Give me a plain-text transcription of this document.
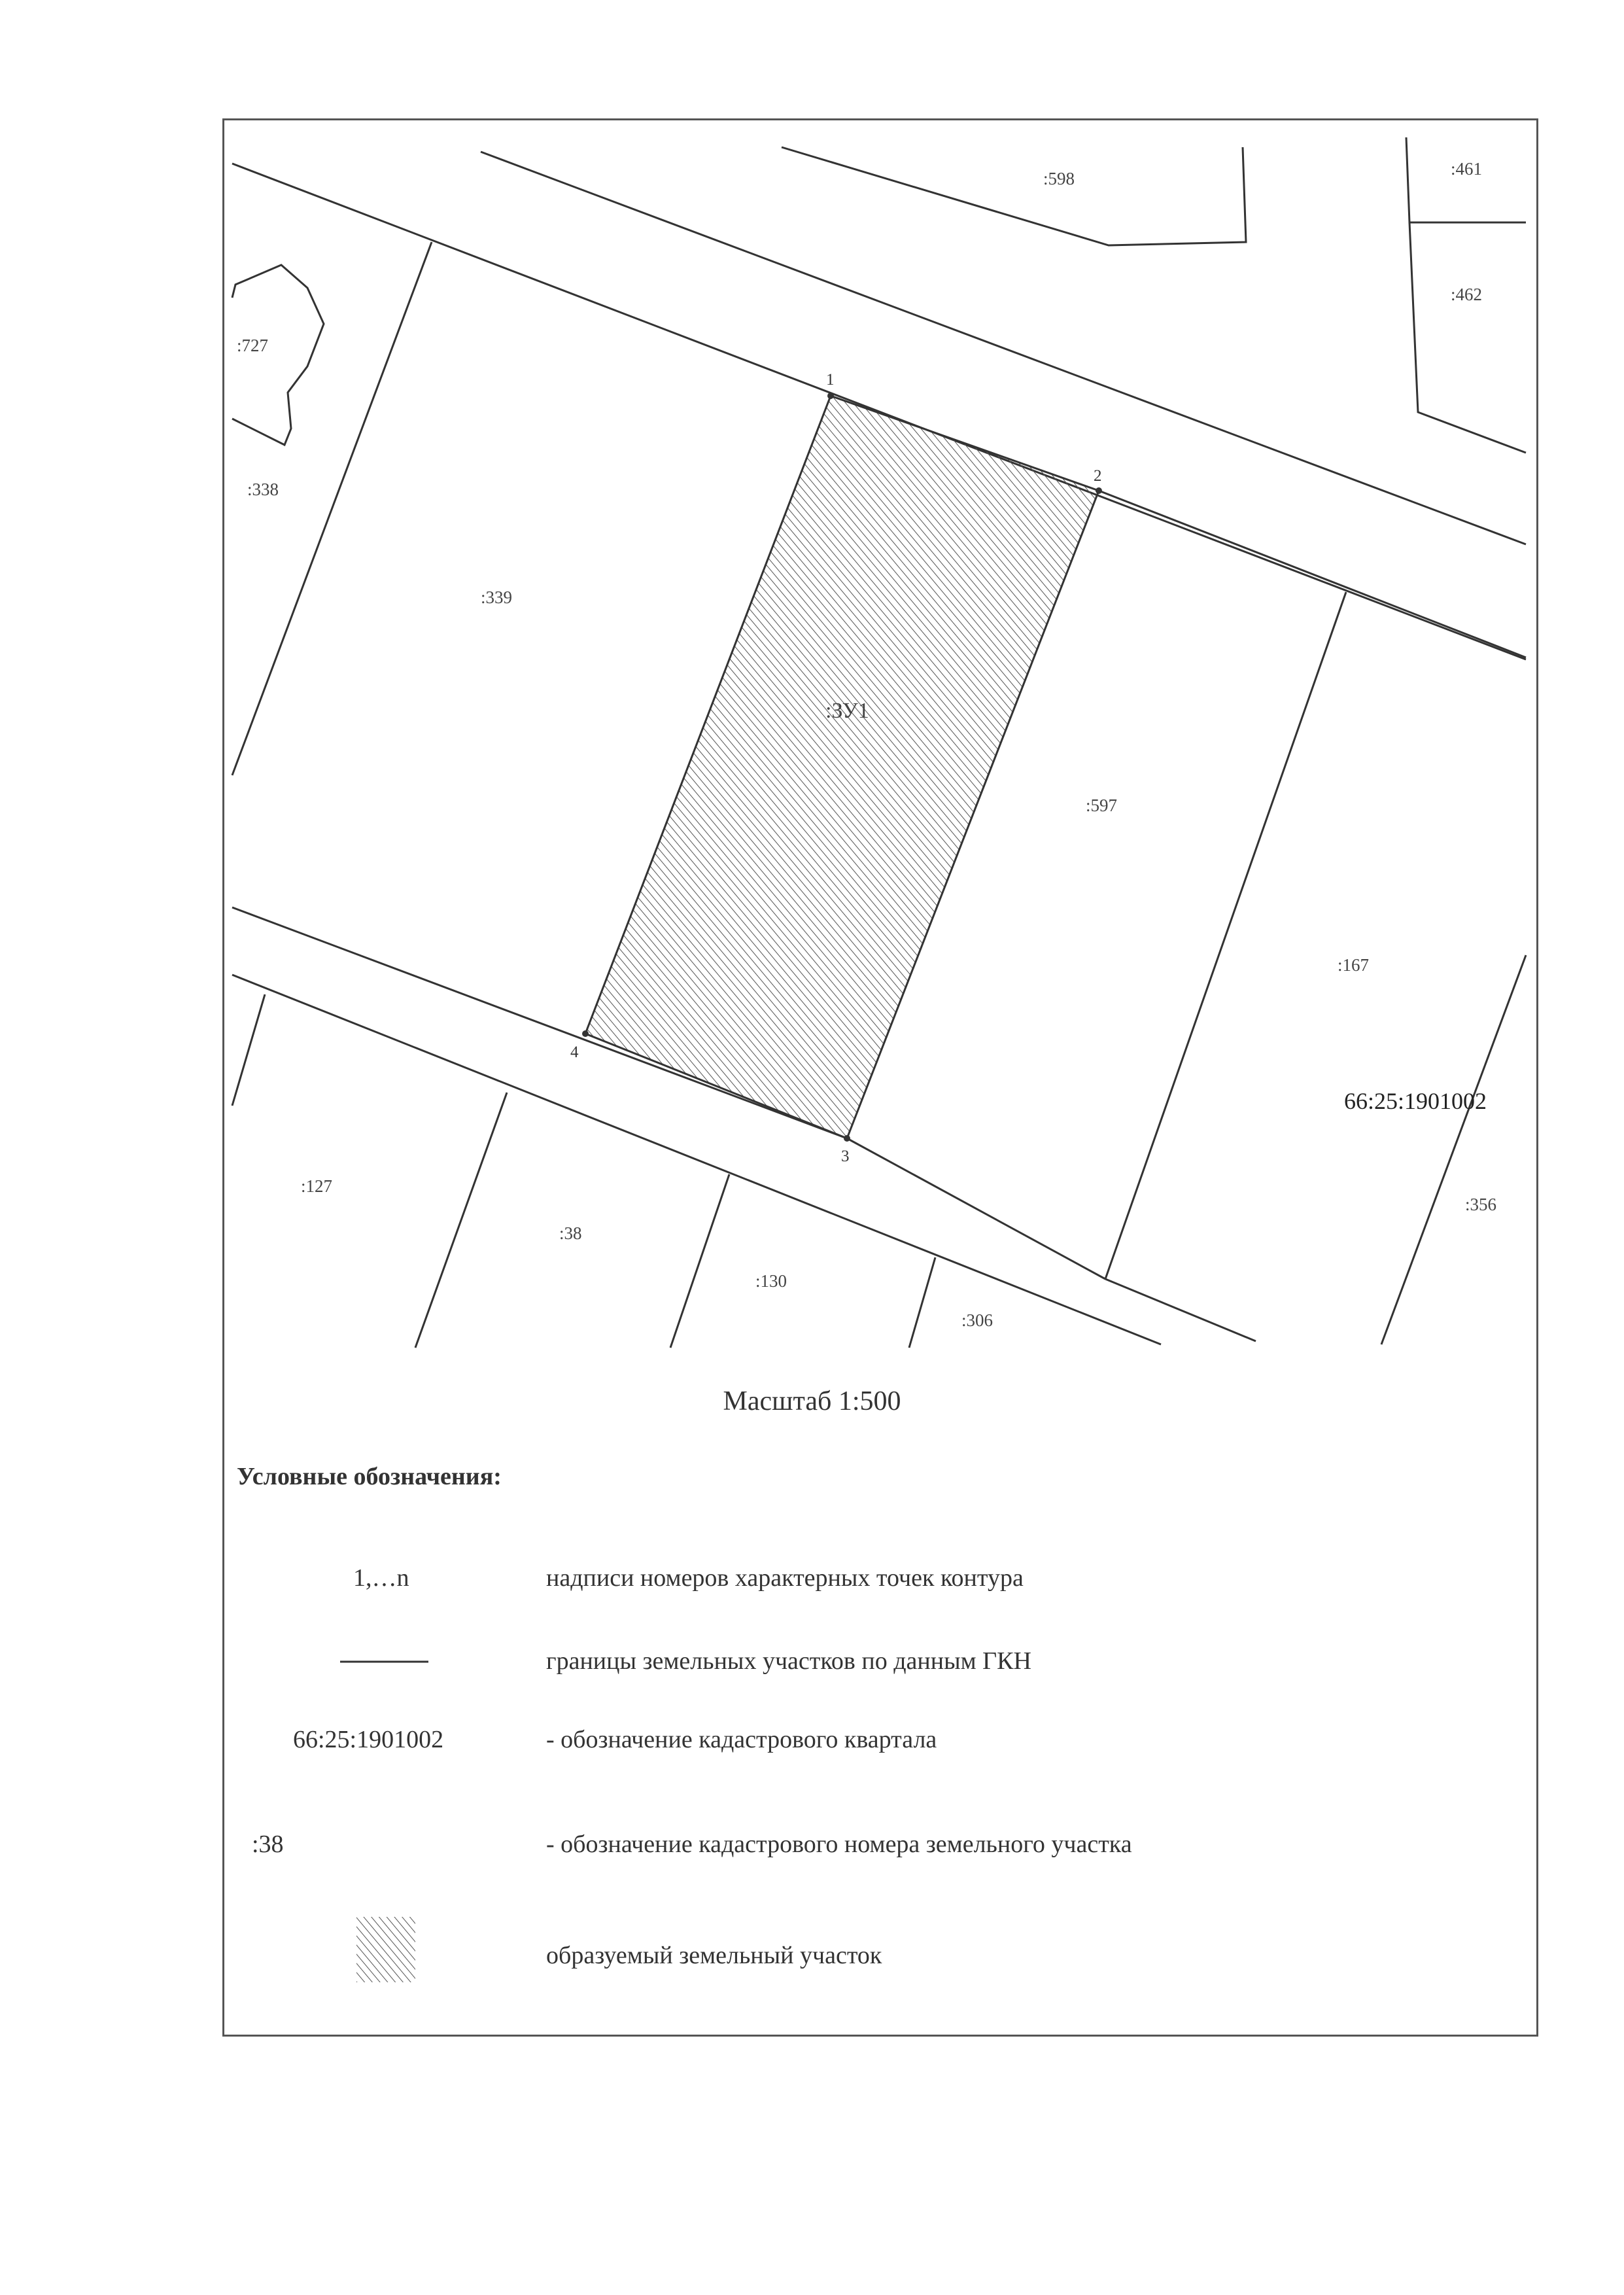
:598	:461
:462
:727
:338
:339
:ЗУ1
:597
:167
66:25:1901002
:356
:127
:38
:130
:306
1
2
3
4
Масштаб 1:500
Условные обозначения:
1,…n	надписи номеров характерных точек контура
границы земельных участков по данным ГКН
66:25:1901002	- обозначение кадастрового квартала
:38	- обозначение кадастрового номера земельного участка
образуемый земельный участок
